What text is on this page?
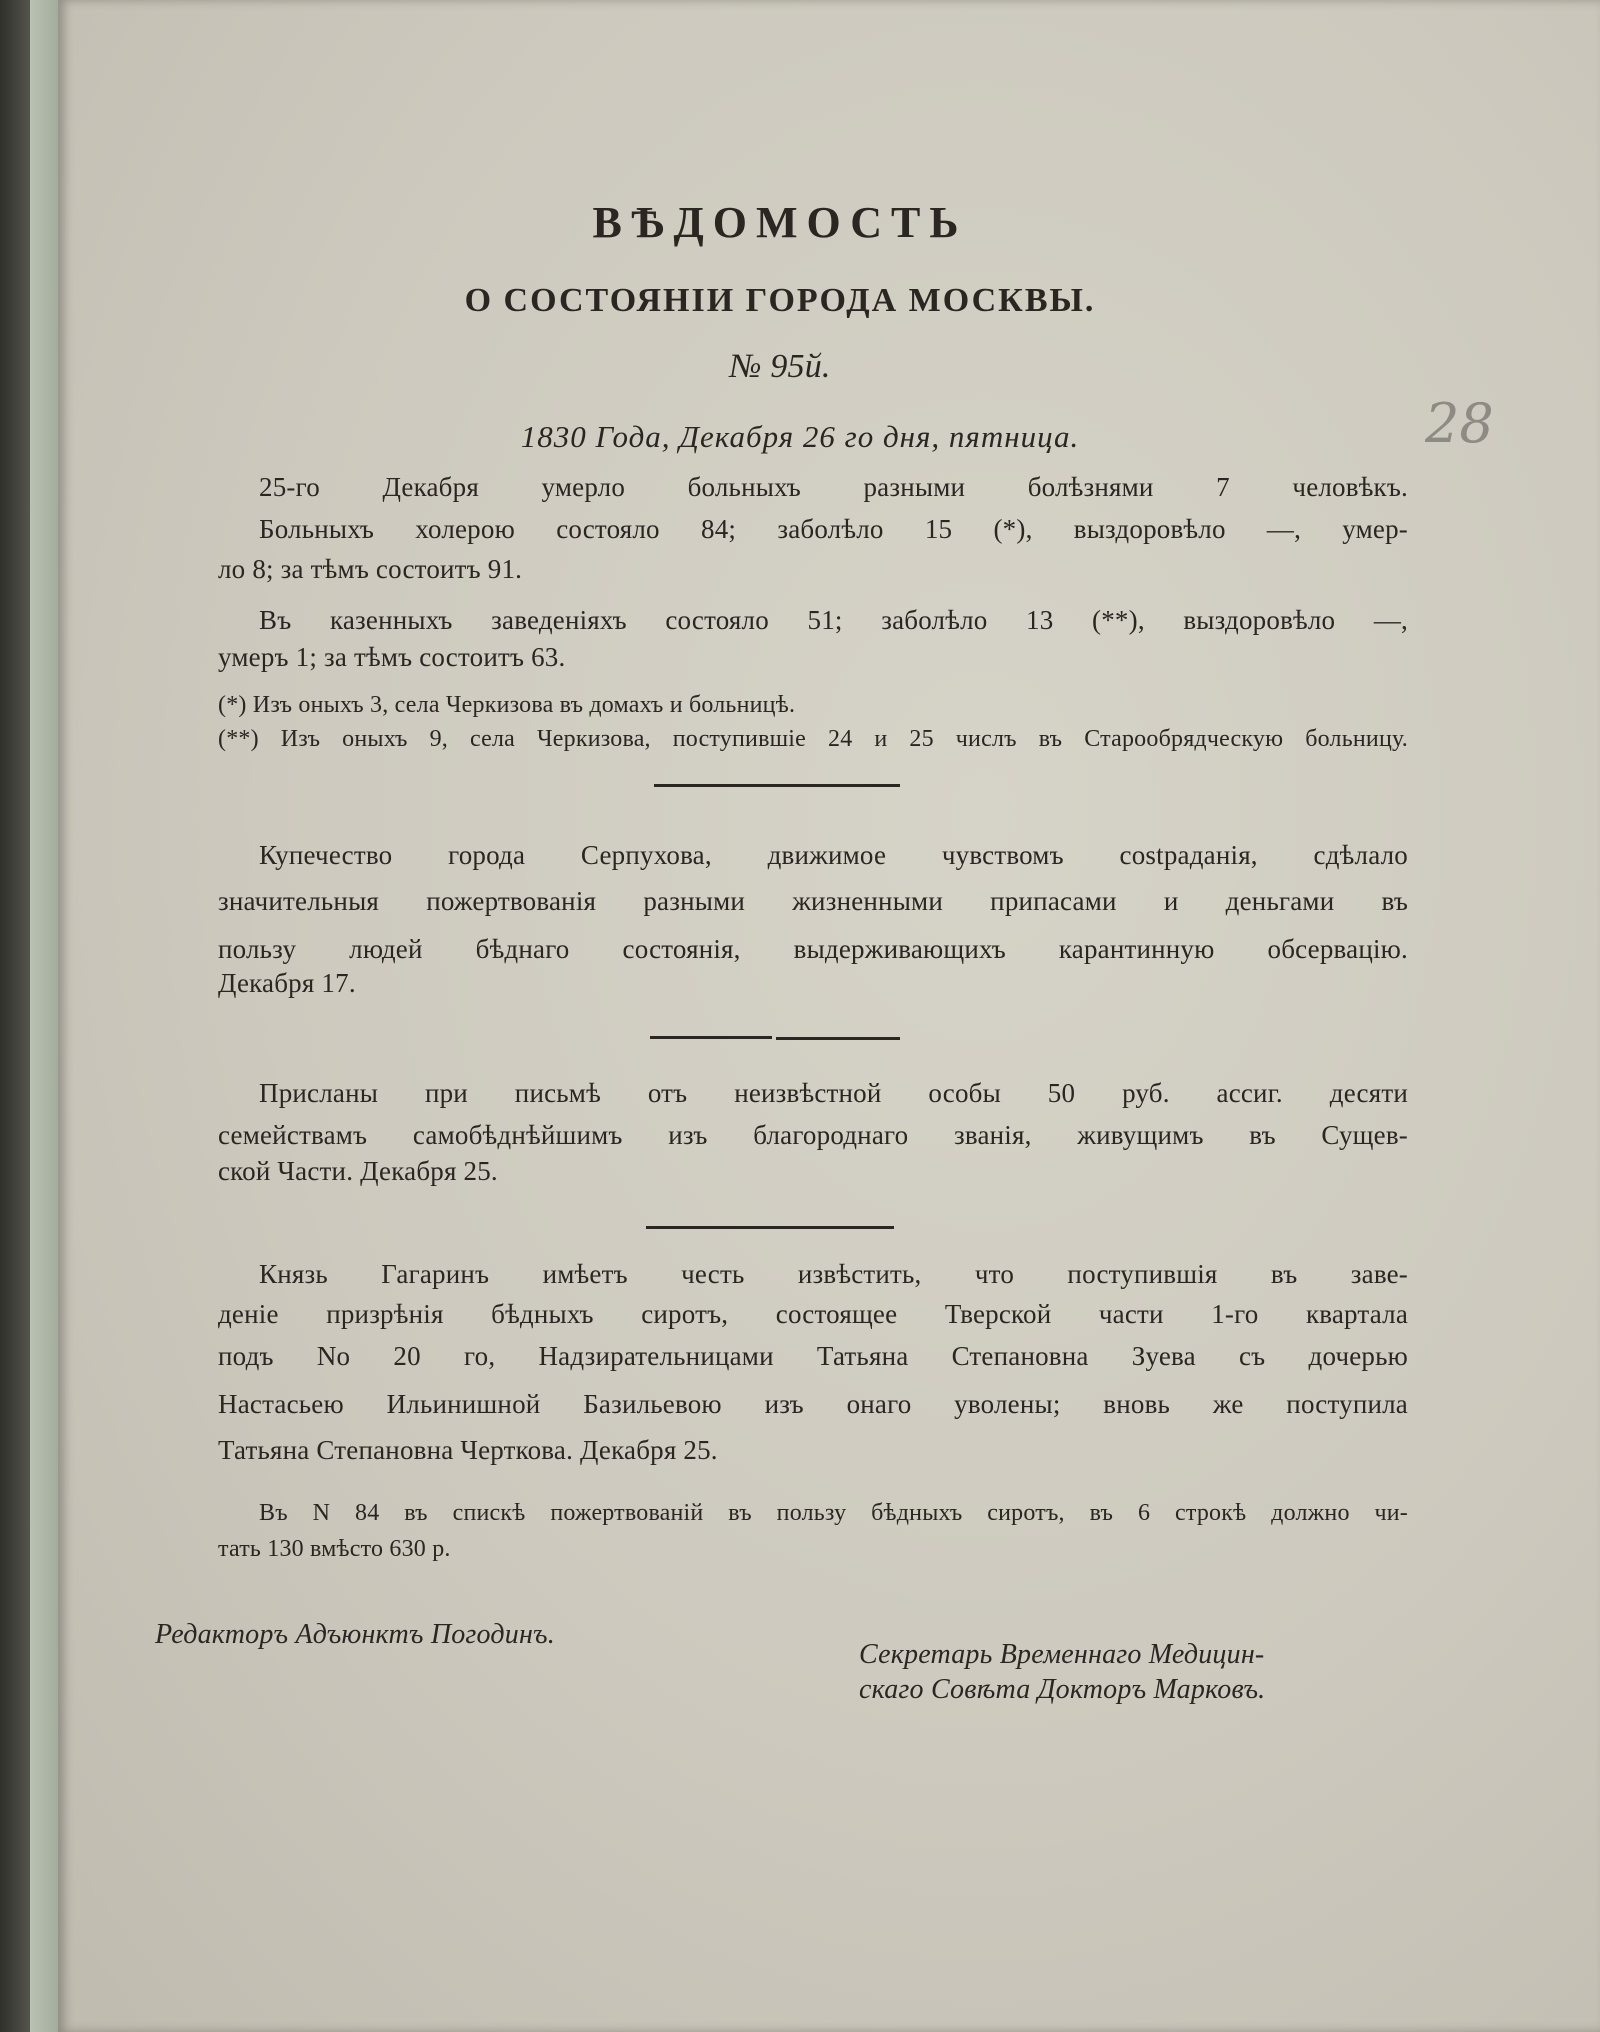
ВѢДОМОСТЬ
О СОСТОЯНІИ ГОРОДА МОСКВЫ.
№ 95й.
1830 Года, Декабря 26 го дня, пятница.	28
25-го Декабря умерло больныхъ разными болѣзнями 7 человѣкъ.
Больныхъ холерою состояло 84; заболѣло 15 (*), выздоровѣло —, умер-
ло 8; за тѣмъ состоитъ 91.
Въ казенныхъ заведеніяхъ состояло 51; заболѣло 13 (**), выздоровѣло —,
умеръ 1; за тѣмъ состоитъ 63.
(*) Изъ оныхъ 3, села Черкизова въ домахъ и больницѣ.
(**) Изъ оныхъ 9, села Черкизова, поступившіе 24 и 25 числъ въ Старообрядческую больницу.
Купечество города Серпухова, движимое чувствомъ сostраданія, сдѣлало
значительныя пожертвованія разными жизненными припасами и деньгами въ
пользу людей бѣднаго состоянія, выдерживающихъ карантинную обсервацію.
Декабря 17.
Присланы при письмѣ отъ неизвѣстной особы 50 руб. ассиг. десяти
семействамъ самобѣднѣйшимъ изъ благороднаго званія, живущимъ въ Сущев-
ской Части. Декабря 25.
Князь Гагаринъ имѣетъ честь извѣстить, что поступившія въ заве-
деніе призрѣнія бѣдныхъ сиротъ, состоящее Тверской части 1-го квартала
подъ No 20 го, Надзирательницами Татьяна Степановна Зуева съ дочерью
Настасьею Ильинишной Базильевою изъ онаго уволены; вновь же поступила
Татьяна Степановна Черткова. Декабря 25.
Въ N 84 въ спискѣ пожертвованій въ пользу бѣдныхъ сиротъ, въ 6 строкѣ должно чи-
тать 130 вмѣсто 630 р.
Редакторъ Адъюнктъ Погодинъ.
Секретарь Временнаго Медицин-
скаго Совѣта Докторъ Марковъ.
